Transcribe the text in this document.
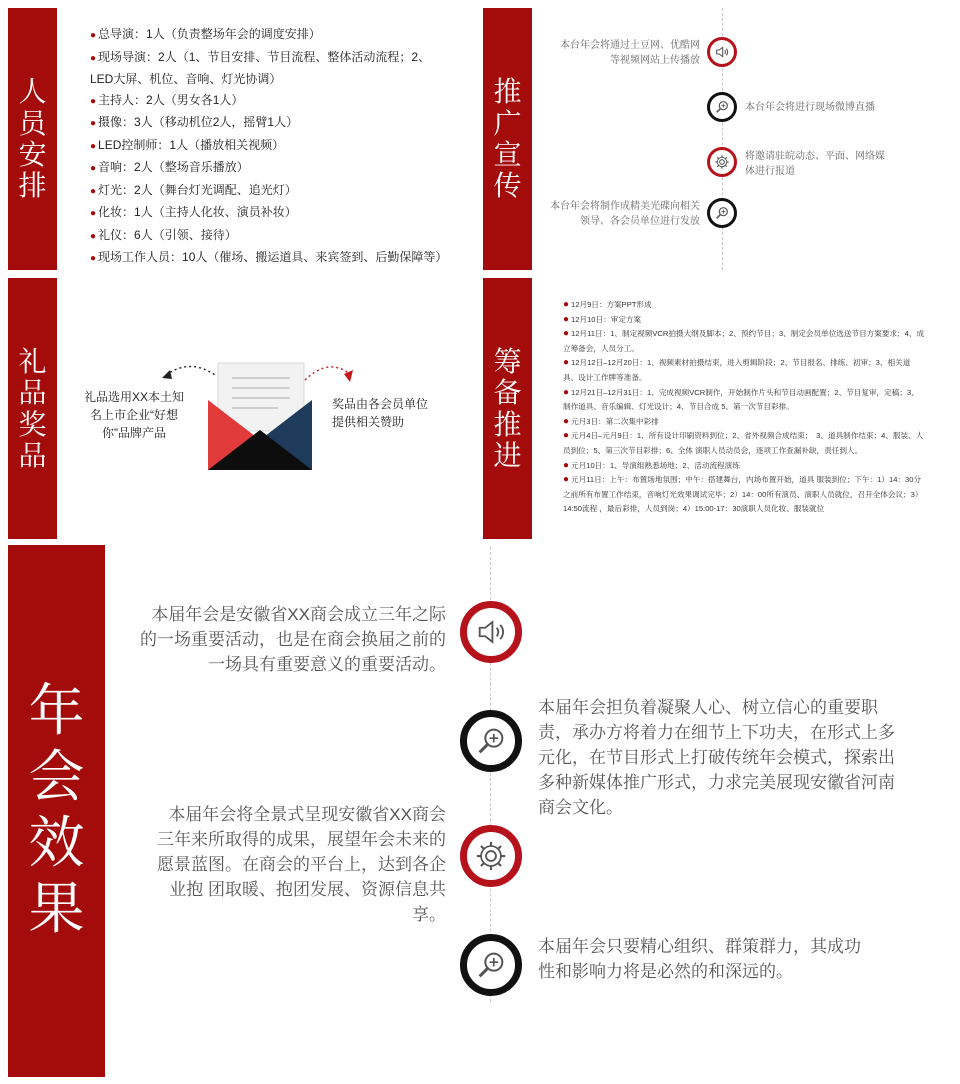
人
员
安
排
● 总导演：1人（负责整场年会的调度安排）
● 现场导演：2人（1、节目安排、节目流程、整体活动流程；2、LED大屏、机位、音响、灯光协调）
● 主持人：2人（男女各1人）
● 摄像：3人（移动机位2人，摇臂1人）
● LED控制师：1人（播放相关视频）
● 音响：2人（整场音乐播放）
● 灯光：2人（舞台灯光调配、追光灯）
● 化妆：1人（主持人化妆、演员补妆）
● 礼仪：6人（引领、接待）
● 现场工作人员：10人（催场、搬运道具、来宾签到、后勤保障等）
推
广
宣
传
本台年会将通过土豆网、优酷网等视频网站上传播放
本台年会将进行现场微博直播
将邀请驻皖动态、平面、网络媒体进行报道
本台年会将制作成精美光碟向相关领导、各会员单位进行发放
礼
品
奖
品
礼品选用XX本土知名上市企业“好想你”品牌产品
奖品由各会员单位提供相关赞助
筹
备
推
进
● 12月9日：方案PPT形成
● 12月10日：审定方案
● 12月11日：1、制定视频VCR拍摄大纲及脚本；2、预约节目；3、制定会员单位选送节目方案要求；4、成立筹备会，人员分工。
● 12月12日–12月20日：1、视频素材拍摄结束，进入剪辑阶段；2、节目报名、排练、初审；3、相关道具、设计工作牌等准备。
● 12月21日–12月31日：1、完成视频VCR制作，开始制作片头和节目动画配置；2、节目复审，定稿；3、制作道具、音乐编辑、灯光设计；4、节目合成 5、第一次节目彩排。
● 元月3日：第二次集中彩排
● 元月4日–元月9日：1、所有设计印刷资料到位；2、省外视频合成结束；　3、道具制作结束；4、服装、人员到位；5、第三次节目彩排；6、全体 演职人员动员会，逐项工作查漏补缺，责任到人。
● 元月10日：1、导演组熟悉场地；2、活动流程演练
● 元月11日：上午：布置场地氛围；中午：搭建舞台，内场布置开始，道具 服装到位；下午：1）14：30分之前所有布置工作结束，音响灯光效果调试完毕；2）14：00所有演员、演职人员就位，召开全体会议；3）14:50流程 ，最后彩排，人员到岗；4）15:00-17：30演职人员化妆、服装就位
年
会
效
果
本届年会是安徽省XX商会成立三年之际的一场重要活动，也是在商会换届之前的一场具有重要意义的重要活动。
本届年会担负着凝聚人心、树立信心的重要职责，承办方将着力在细节上下功夫，在形式上多元化，在节目形式上打破传统年会模式，探索出多种新媒体推广形式，力求完美展现安徽省河南商会文化。
本届年会将全景式呈现安徽省XX商会三年来所取得的成果，展望年会未来的愿景蓝图。在商会的平台上，达到各企业抱 团取暖、抱团发展、资源信息共享。
本届年会只要精心组织、群策群力，其成功性和影响力将是必然的和深远的。
